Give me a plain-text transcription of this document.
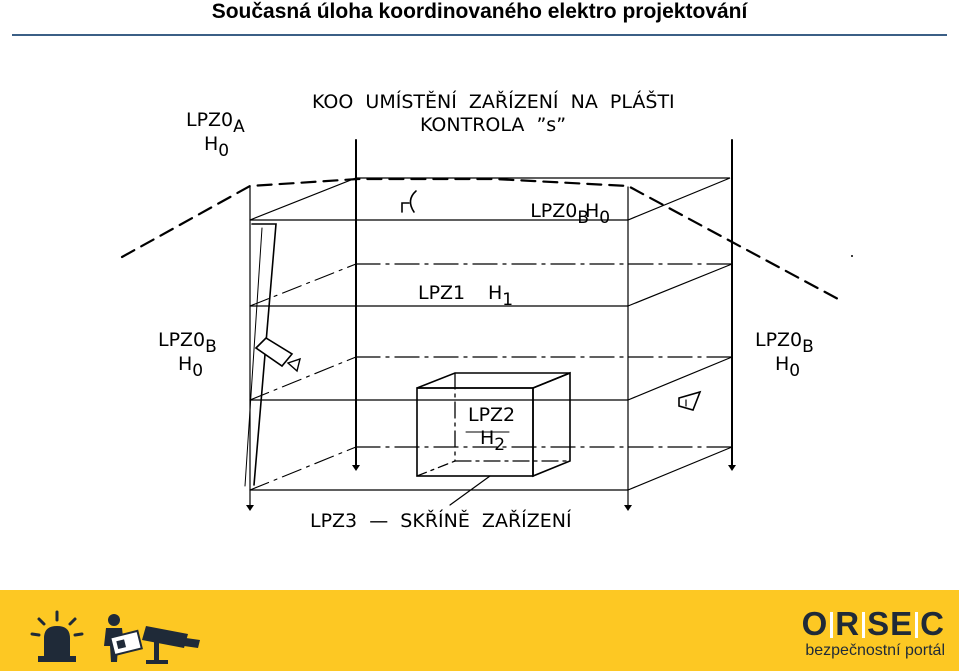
Současná úloha koordinovaného elektro projektování
KOO  UMÍSTĚNÍ  ZAŘÍZENÍ  NA  PLÁŠTI
KONTROLA  ”s”
LPZ0A
H0
LPZ0BH0
LPZ1 H1
LPZ0B
H0
LPZ0B
H0
LPZ2
H2
LPZ3  —  SKŘÍNĚ  ZAŘÍZENÍ
O R SE C
bezpečnostní portál
